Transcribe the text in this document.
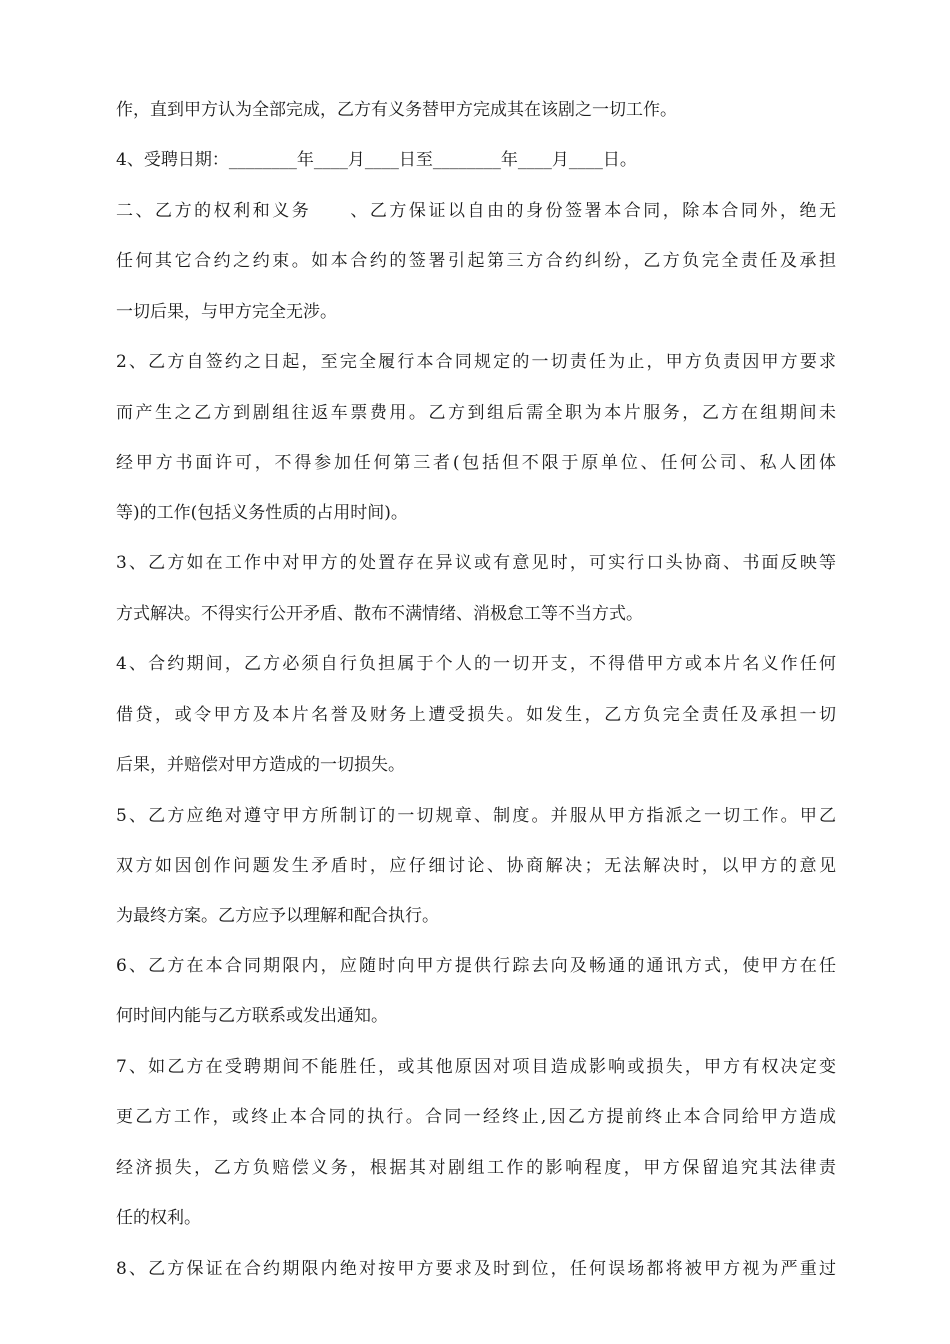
作，直到甲方认为全部完成，乙方有义务替甲方完成其在该剧之一切工作。
4、受聘日期：________年____月____日至________年____月____日。
二、乙方的权利和义务　　、乙方保证以自由的身份签署本合同，除本合同外，绝无
任何其它合约之约束。如本合约的签署引起第三方合约纠纷，乙方负完全责任及承担
一切后果，与甲方完全无涉。
2、乙方自签约之日起，至完全履行本合同规定的一切责任为止，甲方负责因甲方要求
而产生之乙方到剧组往返车票费用。乙方到组后需全职为本片服务，乙方在组期间未
经甲方书面许可，不得参加任何第三者(包括但不限于原单位、任何公司、私人团体
等)的工作(包括义务性质的占用时间)。
3、乙方如在工作中对甲方的处置存在异议或有意见时，可实行口头协商、书面反映等
方式解决。不得实行公开矛盾、散布不满情绪、消极怠工等不当方式。
4、合约期间，乙方必须自行负担属于个人的一切开支，不得借甲方或本片名义作任何
借贷，或令甲方及本片名誉及财务上遭受损失。如发生，乙方负完全责任及承担一切
后果，并赔偿对甲方造成的一切损失。
5、乙方应绝对遵守甲方所制订的一切规章、制度。并服从甲方指派之一切工作。甲乙
双方如因创作问题发生矛盾时，应仔细讨论、协商解决；无法解决时，以甲方的意见
为最终方案。乙方应予以理解和配合执行。
6、乙方在本合同期限内，应随时向甲方提供行踪去向及畅通的通讯方式，使甲方在任
何时间内能与乙方联系或发出通知。
7、如乙方在受聘期间不能胜任，或其他原因对项目造成影响或损失，甲方有权决定变
更乙方工作，或终止本合同的执行。合同一经终止,因乙方提前终止本合同给甲方造成
经济损失，乙方负赔偿义务，根据其对剧组工作的影响程度，甲方保留追究其法律责
任的权利。
8、乙方保证在合约期限内绝对按甲方要求及时到位，任何误场都将被甲方视为严重过
